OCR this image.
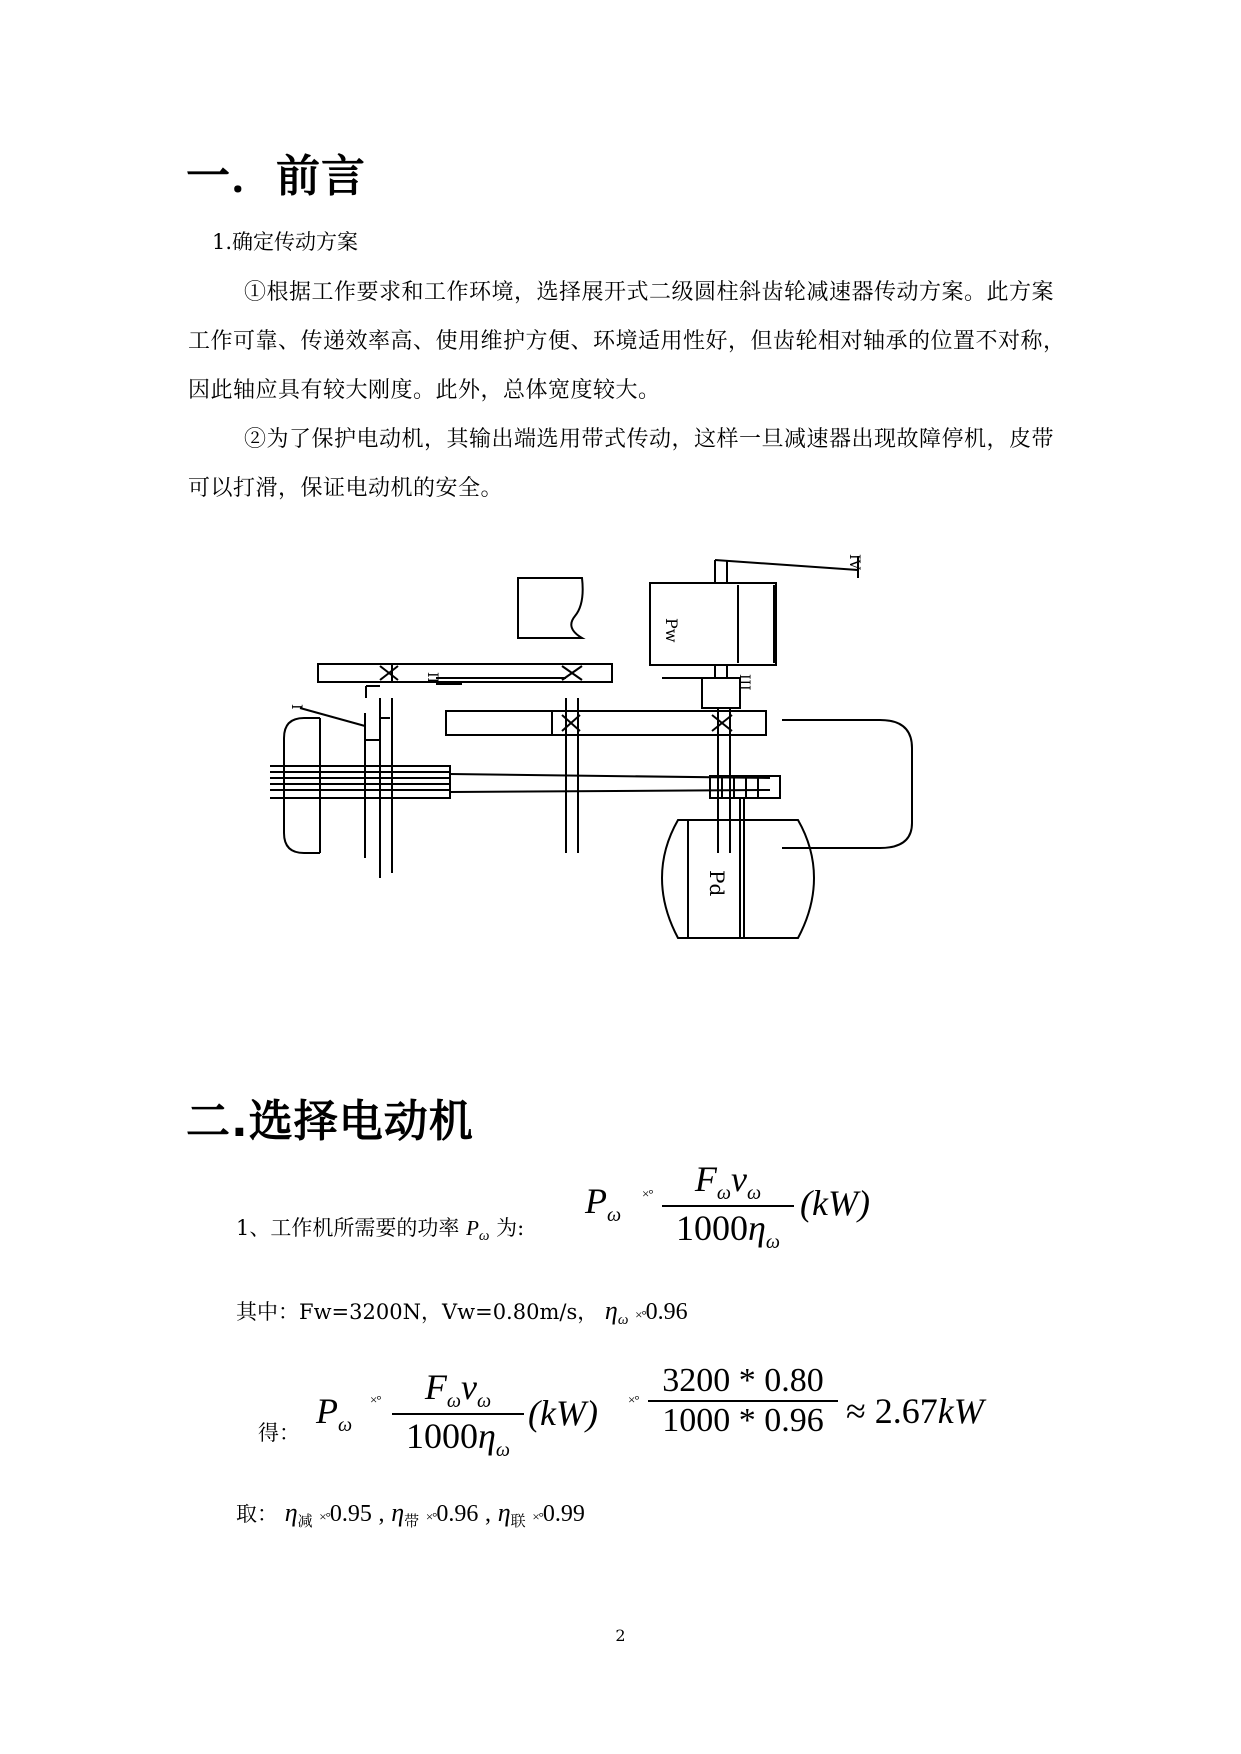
一．前言
1.确定传动方案
①根据工作要求和工作环境，选择展开式二级圆柱斜齿轮减速器传动方案。此方案工作可靠、传递效率高、使用维护方便、环境适用性好，但齿轮相对轴承的位置不对称，因此轴应具有较大刚度。此外，总体宽度较大。
②为了保护电动机，其输出端选用带式传动，这样一旦减速器出现故障停机，皮带可以打滑，保证电动机的安全。
Pw
Pd
I
II	III
IV
二.选择电动机
1、工作机所需要的功率 $P_\omega$ 为:
$P_\omega$
×°	$F_\omega v_\omega$
$1000\eta_\omega$
(kW)
其中：Fw=3200N，Vw=0.80m/s， $\eta_\omega \times^\circ 0.96$
得：
$P_\omega$
×°	$F_\omega v_\omega$
$1000\eta_\omega$
(kW) ×°
3200 * 0.80
1000 * 0.96 ≈ 2.67kW
取： $\eta_减 \times^\circ 0.95$ , $\eta_带 \times^\circ 0.96$ , $\eta_联 \times^\circ 0.99$
2
